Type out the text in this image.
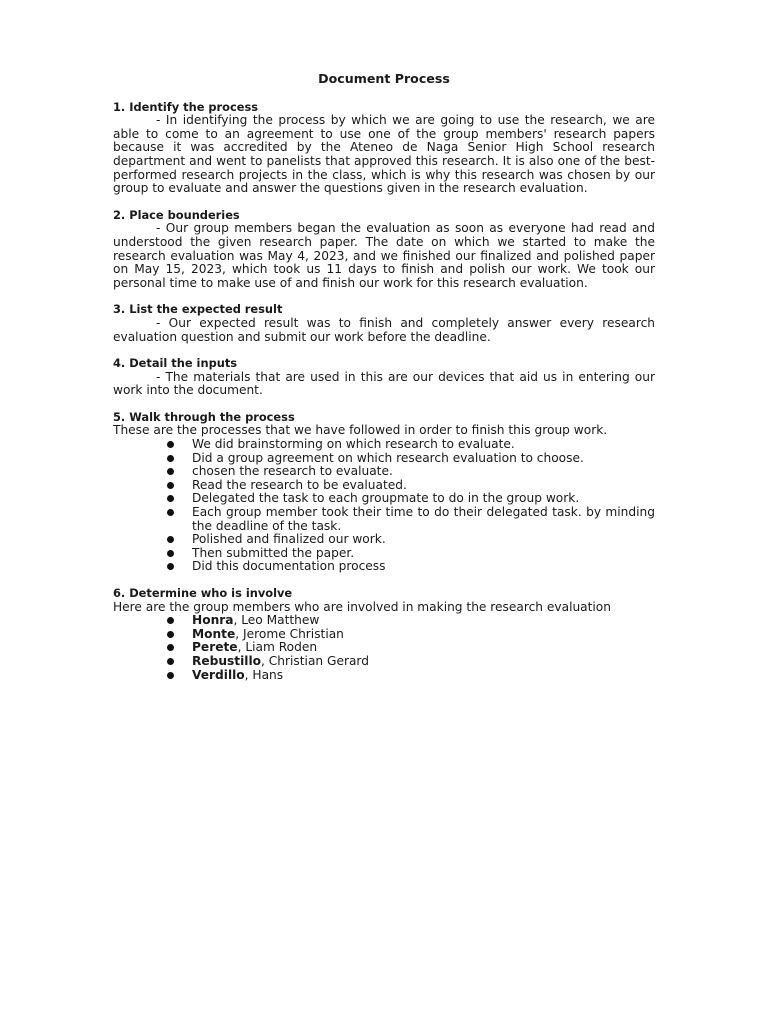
Document Process

1. Identify the process

- In identifying the process by which we are going to use the research, we are able to come to an agreement to use one of the group members' research papers because it was accredited by the Ateneo de Naga Senior High School research department and went to panelists that approved this research. It is also one of the best-performed research projects in the class, which is why this research was chosen by our group to evaluate and answer the questions given in the research evaluation.

2. Place bounderies

- Our group members began the evaluation as soon as everyone had read and understood the given research paper. The date on which we started to make the research evaluation was May 4, 2023, and we finished our finalized and polished paper on May 15, 2023, which took us 11 days to finish and polish our work. We took our personal time to make use of and finish our work for this research evaluation.

3. List the expected result

- Our expected result was to finish and completely answer every research evaluation question and submit our work before the deadline.

4. Detail the inputs

- The materials that are used in this are our devices that aid us in entering our work into the document.

5. Walk through the process

These are the processes that we have followed in order to finish this group work.

We did brainstorming on which research to evaluate.
Did a group agreement on which research evaluation to choose.
chosen the research to evaluate.
Read the research to be evaluated.
Delegated the task to each groupmate to do in the group work.
Each group member took their time to do their delegated task. by minding the deadline of the task.
Polished and finalized our work.
Then submitted the paper.
Did this documentation process

6. Determine who is involve

Here are the group members who are involved in making the research evaluation

Honra, Leo Matthew
Monte, Jerome Christian
Perete, Liam Roden
Rebustillo, Christian Gerard
Verdillo, Hans
